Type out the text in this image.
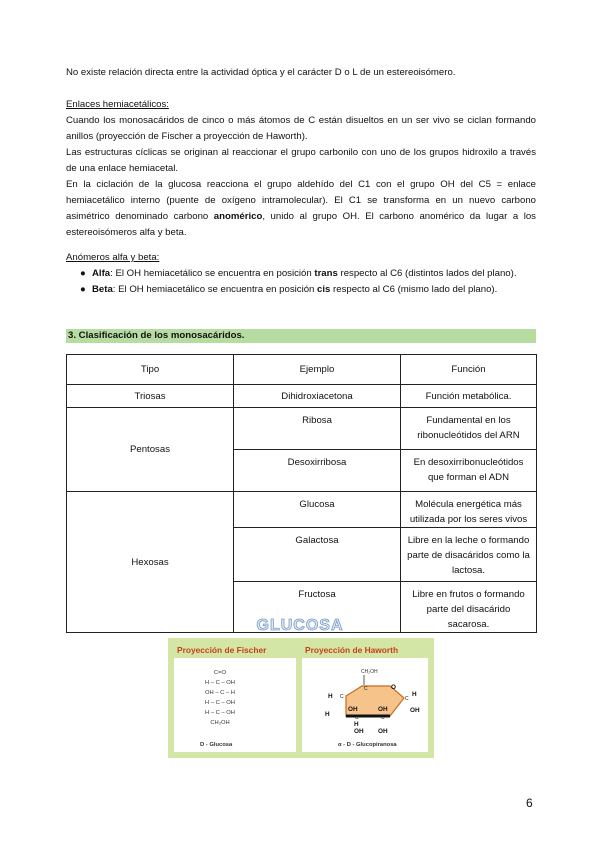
No existe relación directa entre la actividad óptica y el carácter D o L de un estereoisómero.
Enlaces hemiacetálicos:
Cuando los monosacáridos de cinco o más átomos de C están disueltos en un ser vivo se ciclan formando anillos (proyección de Fischer a proyección de Haworth).
Las estructuras cíclicas se originan al reaccionar el grupo carbonilo con uno de los grupos hidroxilo a través de una enlace hemiacetal.
En la ciclación de la glucosa reacciona el grupo aldehído del C1 con el grupo OH del C5 = enlace hemiacetálico interno (puente de oxígeno intramolecular). El C1 se transforma en un nuevo carbono asimétrico denominado carbono anomérico, unido al grupo OH. El carbono anomérico da lugar a los estereoisómeros alfa y beta.
Anómeros alfa y beta:
● Alfa: El OH hemiacetálico se encuentra en posición trans respecto al C6 (distintos lados del plano).
● Beta: El OH hemiacetálico se encuentra en posición cis respecto al C6 (mismo lado del plano).
3. Clasificación de los monosacáridos.
Tipo	Ejemplo	Función
Triosas	Dihidroxiacetona	Función metabólica.
Pentosas	Ribosa	Fundamental en los ribonucleótidos del ARN
	Desoxirribosa	En desoxirribonucleótidos que forman el ADN
Hexosas	Glucosa	Molécula energética más utilizada por los seres vivos
	Galactosa	Libre en la leche o formando parte de disacáridos como la lactosa.
	Fructosa	Libre en frutos o formando parte del disacárido sacarosa.
GLUCOSA
Proyección de Fischer
C=O
H – C – OH
OH – C – H
H – C – OH
H – C – OH
CH₂OH
D - Glucosa
Proyección de Haworth
CH₂OH
O
C
C	C
C	C
H
OH	OH
H
OH
H
OH OH
H
α - D - Glucopiranosa
6
